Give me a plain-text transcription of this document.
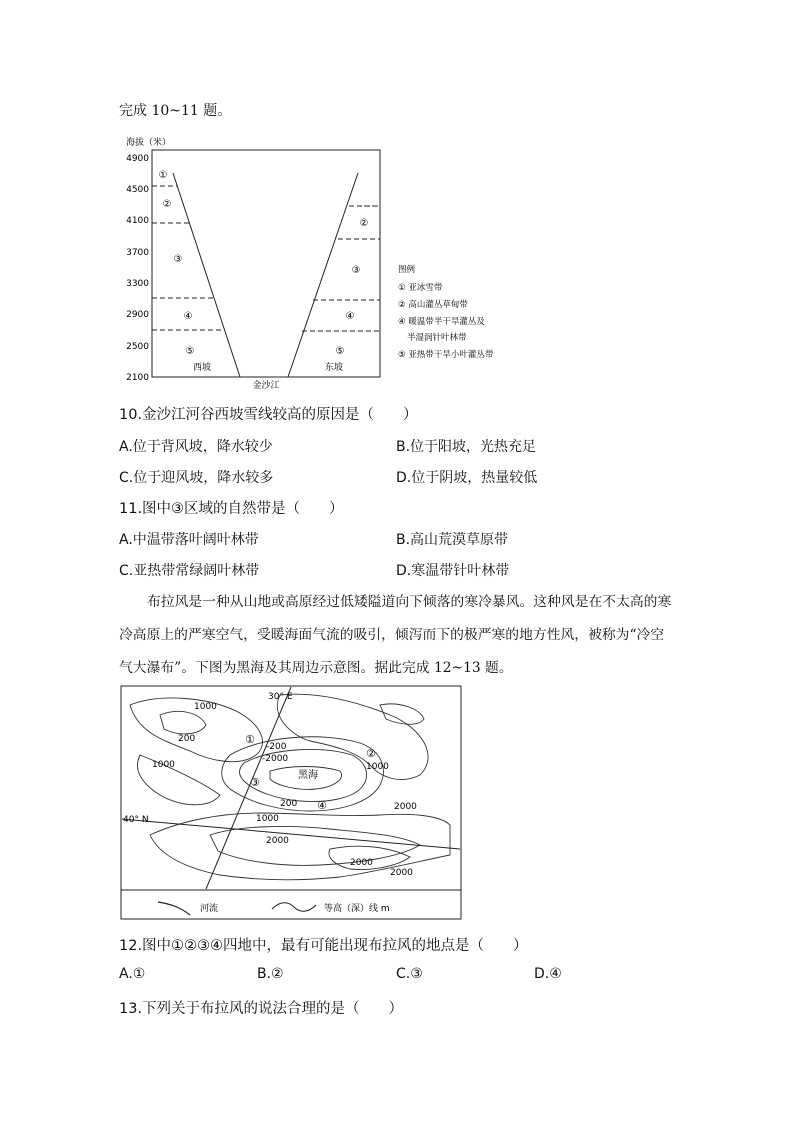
完成 10~11 题。
海拔（米）
4900
4500
4100
3700
3300
2900
2500
2100
①
②
③
④
⑤
②
③
④
⑤
西坡	东坡
金沙江
图例
① 亚冰雪带
② 高山灌丛草甸带
④ 暖温带半干旱灌丛及
半湿润针叶林带
⑤ 亚热带干旱小叶灌丛带
10.金沙江河谷西坡雪线较高的原因是（　　）
A.位于背风坡，降水较少	B.位于阳坡，光热充足
C.位于迎风坡，降水较多	D.位于阴坡，热量较低
11.图中③区域的自然带是（　　）
A.中温带落叶阔叶林带	B.高山荒漠草原带
C.亚热带常绿阔叶林带	D.寒温带针叶林带

布拉风是一种从山地或高原经过低矮隘道向下倾落的寒冷暴风。这种风是在不太高的寒

冷高原上的严寒空气，受暖海面气流的吸引，倾泻而下的极严寒的地方性风，被称为“冷空
气大瀑布”。下图为黑海及其周边示意图。据此完成 12~13 题。
30° E
40° N
1000
200
1000
-200
-2000
200
1000
2000
1000
2000
2000
2000
黑海
①
②
③
④
河流	等高（深）线 m
12.图中①②③④四地中，最有可能出现布拉风的地点是（　　）
A.①	B.②	C.③	D.④
13.下列关于布拉风的说法合理的是（　　）
